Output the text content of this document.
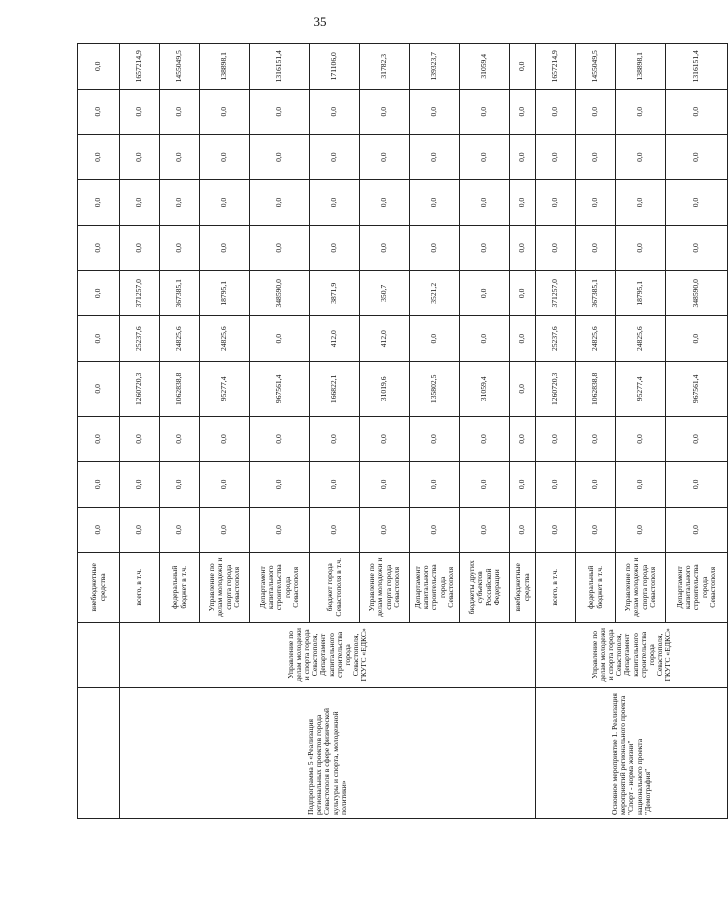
35
		внебюджетные средства	0,0	0,0	0,0	0,0	0,0	0,0	0,0	0,0	0,0	0,0	0,0
Подпрограмма 5 «Реализация региональных проектов города Севастополя в сфере физической культуры и спорта, молодежной политики»	Управление по делам молодежи и спорта города Севастополя, Департамент капитального строительства города Севастополя, ГКУГС «ЕДКС»	всего, в т.ч.	0,0	0,0	0,0	1260720,3	25237,6	371257,0	0,0	0,0	0,0	0,0	1657214,9
		федеральный бюджет в т.ч.	0,0	0,0	0,0	1062838,8	24825,6	367385,1	0,0	0,0	0,0	0,0	1455049,5
		Управление по делам молодежи и спорта города Севастополя	0,0	0,0	0,0	95277,4	24825,6	18795,1	0,0	0,0	0,0	0,0	138898,1
		Департамент капитального строительства города Севастополя	0,0	0,0	0,0	967561,4	0,0	348590,0	0,0	0,0	0,0	0,0	1316151,4
		бюджет города Севастополя в т.ч.	0,0	0,0	0,0	166822,1	412,0	3871,9	0,0	0,0	0,0	0,0	171106,0
		Управление по делам молодежи и спорта города Севастополя	0,0	0,0	0,0	31019,6	412,0	350,7	0,0	0,0	0,0	0,0	31782,3
		Департамент капитального строительства города Севастополя	0,0	0,0	0,0	135802,5	0,0	3521,2	0,0	0,0	0,0	0,0	139323,7
		бюджеты других субъектов Российской Федерации	0,0	0,0	0,0	31059,4	0,0	0,0	0,0	0,0	0,0	0,0	31059,4
		внебюджетные средства	0,0	0,0	0,0	0,0	0,0	0,0	0,0	0,0	0,0	0,0	0,0
Основное мероприятие 1. Реализация мероприятий регионального проекта "Спорт - норма жизни" национального проекта "Демография"	Управление по делам молодежи и спорта города Севастополя, Департамент капитального строительства города Севастополя, ГКУГС «ЕДКС»	всего, в т.ч.	0,0	0,0	0,0	1260720,3	25237,6	371257,0	0,0	0,0	0,0	0,0	1657214,9
		федеральный бюджет в т.ч.	0,0	0,0	0,0	1062838,8	24825,6	367385,1	0,0	0,0	0,0	0,0	1455049,5
		Управление по делам молодежи и спорта города Севастополя	0,0	0,0	0,0	95277,4	24825,6	18795,1	0,0	0,0	0,0	0,0	138898,1
		Департамент капитального строительства города Севастополя	0,0	0,0	0,0	967561,4	0,0	348590,0	0,0	0,0	0,0	0,0	1316151,4
